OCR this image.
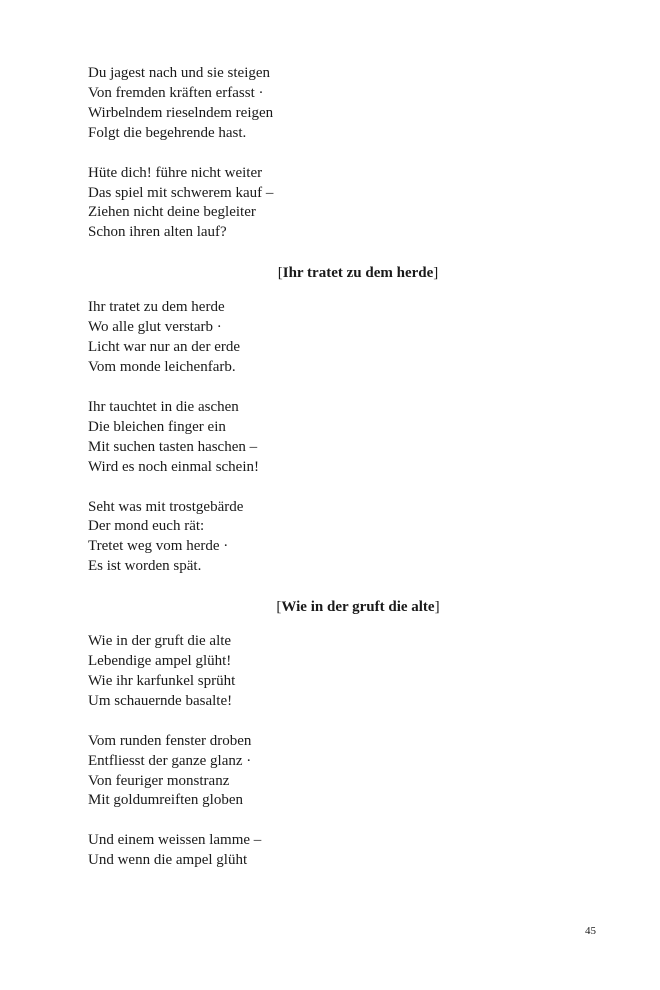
Du jagest nach und sie steigen
Von fremden kräften erfasst ·
Wirbelndem rieselndem reigen
Folgt die begehrende hast.
Hüte dich! führe nicht weiter
Das spiel mit schwerem kauf –
Ziehen nicht deine begleiter
Schon ihren alten lauf?
[Ihr tratet zu dem herde]
Ihr tratet zu dem herde
Wo alle glut verstarb ·
Licht war nur an der erde
Vom monde leichenfarb.
Ihr tauchtet in die aschen
Die bleichen finger ein
Mit suchen tasten haschen –
Wird es noch einmal schein!
Seht was mit trostgebärde
Der mond euch rät:
Tretet weg vom herde ·
Es ist worden spät.
[Wie in der gruft die alte]
Wie in der gruft die alte
Lebendige ampel glüht!
Wie ihr karfunkel sprüht
Um schauernde basalte!
Vom runden fenster droben
Entfliesst der ganze glanz ·
Von feuriger monstranz
Mit goldumreiften globen
Und einem weissen lamme –
Und wenn die ampel glüht
45
